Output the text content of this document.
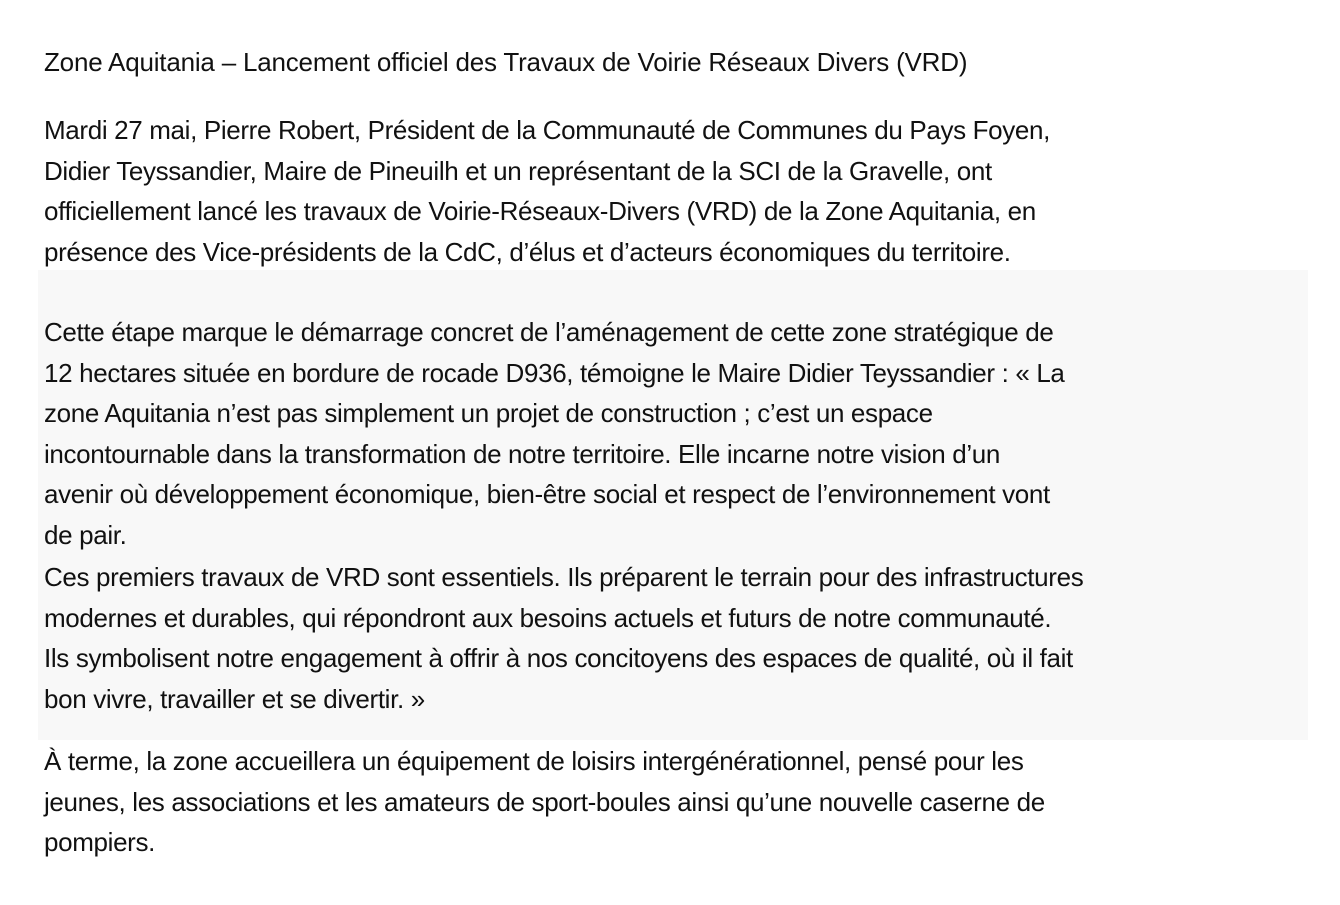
Zone Aquitania – Lancement officiel des Travaux de Voirie Réseaux Divers (VRD)

Mardi 27 mai, Pierre Robert, Président de la Communauté de Communes du Pays Foyen,
Didier Teyssandier, Maire de Pineuilh et un représentant de la SCI de la Gravelle, ont
officiellement lancé les travaux de Voirie-Réseaux-Divers (VRD) de la Zone Aquitania, en
présence des Vice-présidents de la CdC, d’élus et d’acteurs économiques du territoire.

Cette étape marque le démarrage concret de l’aménagement de cette zone stratégique de
12 hectares située en bordure de rocade D936, témoigne le Maire Didier Teyssandier : « La
zone Aquitania n’est pas simplement un projet de construction ; c’est un espace
incontournable dans la transformation de notre territoire. Elle incarne notre vision d’un
avenir où développement économique, bien-être social et respect de l’environnement vont
de pair.

Ces premiers travaux de VRD sont essentiels. Ils préparent le terrain pour des infrastructures
modernes et durables, qui répondront aux besoins actuels et futurs de notre communauté.
Ils symbolisent notre engagement à offrir à nos concitoyens des espaces de qualité, où il fait
bon vivre, travailler et se divertir. »

À terme, la zone accueillera un équipement de loisirs intergénérationnel, pensé pour les
jeunes, les associations et les amateurs de sport-boules ainsi qu’une nouvelle caserne de
pompiers.
